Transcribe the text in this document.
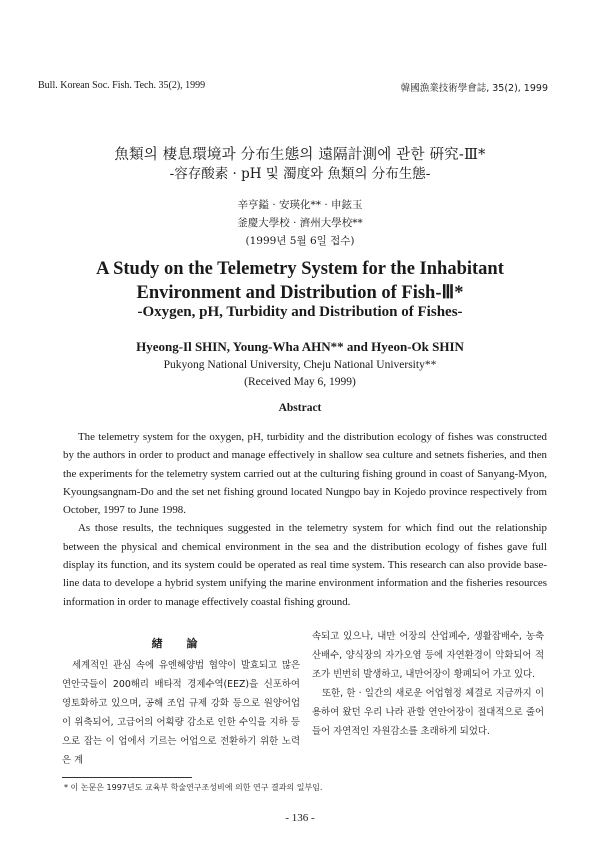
Bull. Korean Soc. Fish. Tech. 35(2), 1999	韓國漁業技術學會誌, 35(2), 1999
魚類의 棲息環境과 分布生態의 遠隔計測에 관한 硏究-Ⅲ*
-容存酸素 · pH 및 濁度와 魚類의 分布生態-
辛亨鎰 · 安瑛化** · 申鉉玉
釜慶大學校 · 濟州大學校**
(1999년 5월 6일 접수)
A Study on the Telemetry System for the Inhabitant
Environment and Distribution of Fish-Ⅲ*
-Oxygen, pH, Turbidity and Distribution of Fishes-
Hyeong-Il SHIN, Young-Wha AHN** and Hyeon-Ok SHIN
Pukyong National University, Cheju National University**
(Received May 6, 1999)
Abstract

The telemetry system for the oxygen, pH, turbidity and the distribution ecology of fishes was constructed by the authors in order to product and manage effectively in shallow sea culture and setnets fisheries, and then the experiments for the telemetry system carried out at the culturing fishing ground in coast of Sanyang-Myon, Kyoungsangnam-Do and the set net fishing ground located Nungpo bay in Kojedo province respectively from October, 1997 to June 1998.

As those results, the techniques suggested in the telemetry system for which find out the relationship between the physical and chemical environment in the sea and the distribution ecology of fishes gave full display its function, and its system could be operated as real time system. This research can also provide base-line data to develope a hybrid system unifying the marine environment information and the fisheries resources information in order to manage effectively coastal fishing ground.

緖 論

세계적인 관심 속에 유엔해양법 협약이 발효되고 많은 연안국들이 200해리 배타적 경제수역(EEZ)을 신포하여 영토화하고 있으며, 공해 조업 규제 강화 등으로 원양어업이 위축되어, 고급어의 어획량 감소로 인한 수익을 지하 등으로 잡는 이 업에서 기르는 어업으로 전환하기 위한 노력은 계

속되고 있으나, 내만 어장의 산업폐수, 생활잡배수, 농축산배수, 양식장의 자가오염 등에 자연환경이 악화되어 적조가 빈번히 발생하고, 내만어장이 황폐되어 가고 있다.

또한, 한 · 일간의 새로운 어업협정 체결로 지금까지 이용하여 왔던 우리 나라 관할 연안어장이 절대적으로 줄어들어 자연적인 자원감소를 초래하게 되었다.

* 이 논문은 1997년도 교육부 학술연구조성비에 의한 연구 결과의 일부임.
- 136 -
